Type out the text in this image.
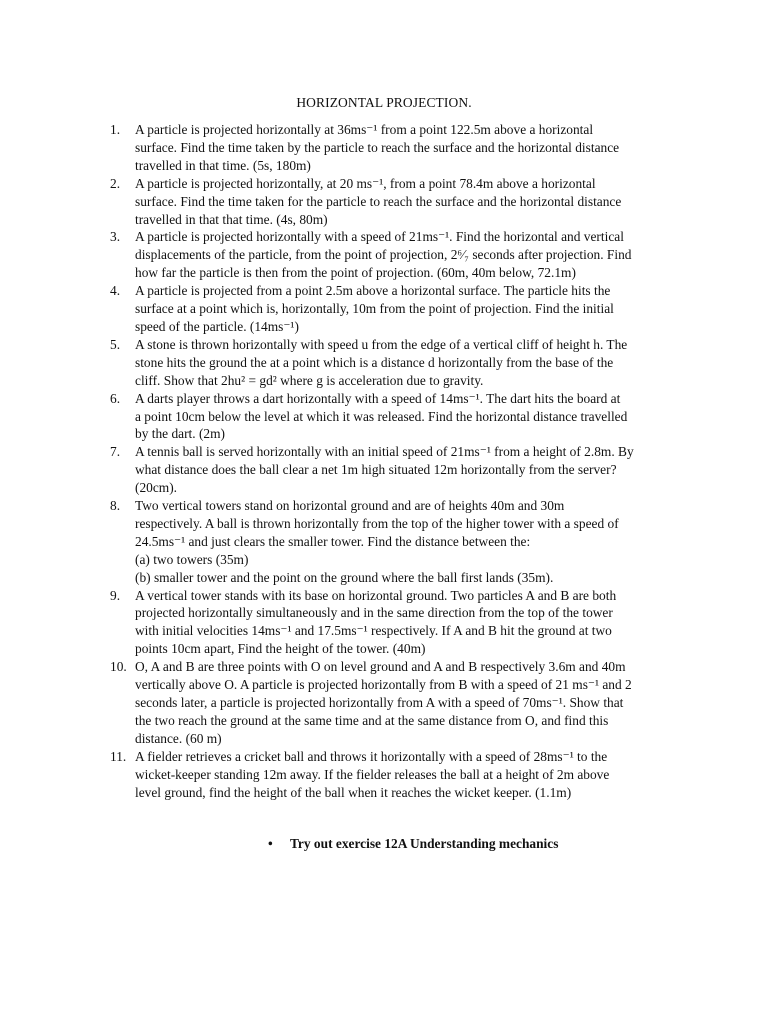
HORIZONTAL PROJECTION.
1.	A particle is projected horizontally at 36ms⁻¹ from a point 122.5m above a horizontal
surface. Find the time taken by the particle to reach the surface and the horizontal distance
travelled in that time. (5s, 180m)
2.	A particle is projected horizontally, at 20 ms⁻¹, from a point 78.4m above a horizontal
surface. Find the time taken for the particle to reach the surface and the horizontal distance
travelled in that that time. (4s, 80m)
3.	A particle is projected horizontally with a speed of 21ms⁻¹. Find the horizontal and vertical
displacements of the particle, from the point of projection, 2⁶⁄₇ seconds after projection. Find
how far the particle is then from the point of projection. (60m, 40m below, 72.1m)
4.	A particle is projected from a point 2.5m above a horizontal surface. The particle hits the
surface at a point which is, horizontally, 10m from the point of projection. Find the initial
speed of the particle. (14ms⁻¹)
5.	A stone is thrown horizontally with speed u from the edge of a vertical cliff of height h. The
stone hits the ground the at a point which is a distance d horizontally from the base of the
cliff. Show that 2hu² = gd² where g is acceleration due to gravity.
6.	A darts player throws a dart horizontally with a speed of 14ms⁻¹. The dart hits the board at
a point 10cm below the level at which it was released. Find the horizontal distance travelled
by the dart. (2m)
7.	A tennis ball is served horizontally with an initial speed of 21ms⁻¹ from a height of 2.8m. By
what distance does the ball clear a net 1m high situated 12m horizontally from the server?
(20cm).
8.	Two vertical towers stand on horizontal ground and are of heights 40m and 30m
respectively. A ball is thrown horizontally from the top of the higher tower with a speed of
24.5ms⁻¹ and just clears the smaller tower. Find the distance between the:
(a) two towers (35m)
(b) smaller tower and the point on the ground where the ball first lands (35m).
9.	A vertical tower stands with its base on horizontal ground. Two particles A and B are both
projected horizontally simultaneously and in the same direction from the top of the tower
with initial velocities 14ms⁻¹ and 17.5ms⁻¹ respectively. If A and B hit the ground at two
points 10cm apart, Find the height of the tower. (40m)
10. O, A and B are three points with O on level ground and A and B respectively 3.6m and 40m
vertically above O. A particle is projected horizontally from B with a speed of 21 ms⁻¹ and 2
seconds later, a particle is projected horizontally from A with a speed of 70ms⁻¹. Show that
the two reach the ground at the same time and at the same distance from O, and find this
distance. (60 m)
11. A fielder retrieves a cricket ball and throws it horizontally with a speed of 28ms⁻¹ to the
wicket-keeper standing 12m away. If the fielder releases the ball at a height of 2m above
level ground, find the height of the ball when it reaches the wicket keeper. (1.1m)
• Try out exercise 12A Understanding mechanics
